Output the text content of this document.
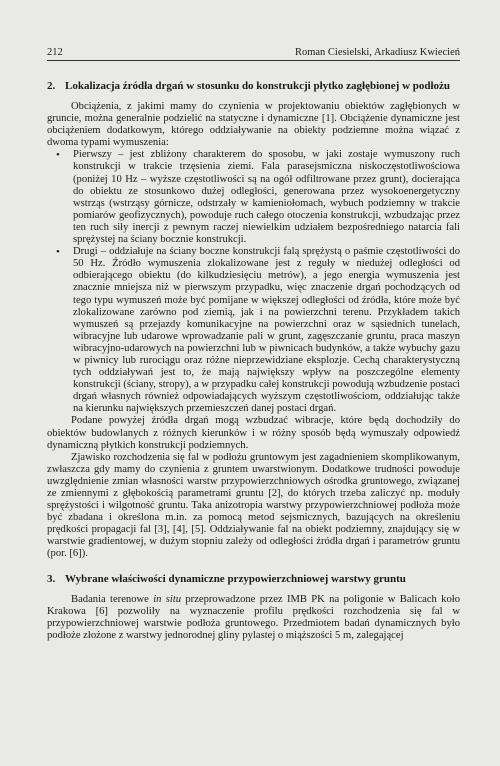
212	Roman Ciesielski, Arkadiusz Kwiecień
2. Lokalizacja źródła drgań w stosunku do konstrukcji płytko zagłębionej w podłożu

Obciążenia, z jakimi mamy do czynienia w projektowaniu obiektów zagłębionych w gruncie, można generalnie podzielić na statyczne i dynamiczne [1]. Obciążenie dynamiczne jest obciążeniem dodatkowym, którego oddziaływanie na obiekty podziemne można wiązać z dwoma typami wymuszenia:

• Pierwszy – jest zbliżony charakterem do sposobu, w jaki zostaje wymuszony ruch konstrukcji w trakcie trzęsienia ziemi. Fala parasejsmiczna niskoczęstotliwościowa (poniżej 10 Hz – wyższe częstotliwości są na ogół odfiltrowane przez grunt), docierająca do obiektu ze stosunkowo dużej odległości, generowana przez wysokoenergetyczny wstrząs (wstrząsy górnicze, odstrzały w kamieniołomach, wybuch podziemny w trakcie pomiarów geofizycznych), powoduje ruch całego otoczenia konstrukcji, wzbudzając przez ten ruch siły inercji z pewnym raczej niewielkim udziałem bezpośredniego natarcia fali sprężystej na ściany bocznie konstrukcji.
• Drugi – oddziałuje na ściany boczne konstrukcji falą sprężystą o paśmie częstotliwości do 50 Hz. Źródło wymuszenia zlokalizowane jest z reguły w niedużej odległości od odbierającego obiektu (do kilkudziesięciu metrów), a jego energia wymuszenia jest znacznie mniejsza niż w pierwszym przypadku, więc znaczenie drgań pochodzących od tego typu wymuszeń może być pomijane w większej odległości od źródła, które może być zlokalizowane zarówno pod ziemią, jak i na powierzchni terenu. Przykładem takich wymuszeń są przejazdy komunikacyjne na powierzchni oraz w sąsiednich tunelach, wibracyjne lub udarowe wprowadzanie pali w grunt, zagęszczanie gruntu, praca maszyn wibracyjno-udarowych na powierzchni lub w piwnicach budynków, a także wybuchy gazu w piwnicy lub rurociągu oraz różne nieprzewidziane eksplozje. Cechą charakterystyczną tych oddziaływań jest to, że mają największy wpływ na poszczególne elementy konstrukcji (ściany, stropy), a w przypadku całej konstrukcji powodują wzbudzenie postaci drgań własnych również odpowiadających wyższym częstotliwościom, oddziałując także na kierunku największych przemieszczeń danej postaci drgań.

Podane powyżej źródła drgań mogą wzbudzać wibracje, które będą dochodziły do obiektów budowlanych z różnych kierunków i w różny sposób będą wymuszały odpowiedź dynamiczną płytkich konstrukcji podziemnych.

Zjawisko rozchodzenia się fal w podłożu gruntowym jest zagadnieniem skomplikowanym, zwłaszcza gdy mamy do czynienia z gruntem uwarstwionym. Dodatkowe trudności powoduje uwzględnienie zmian własności warstw przypowierzchniowych ośrodka gruntowego, związanej ze zmiennymi z głębokością parametrami gruntu [2], do których trzeba zaliczyć np. moduły sprężystości i wilgotność gruntu. Taka anizotropia warstwy przypowierzchniowej podłoża może być zbadana i określona m.in. za pomocą metod sejsmicznych, bazujących na określeniu prędkości propagacji fal [3], [4], [5]. Oddziaływanie fal na obiekt podziemny, znajdujący się w warstwie gradientowej, w dużym stopniu zależy od odległości źródła drgań i parametrów gruntu (por. [6]).

3. Wybrane właściwości dynamiczne przypowierzchniowej warstwy gruntu

Badania terenowe in situ przeprowadzone przez IMB PK na poligonie w Balicach koło Krakowa [6] pozwoliły na wyznaczenie profilu prędkości rozchodzenia się fal w przypowierzchniowej warstwie podłoża gruntowego. Przedmiotem badań dynamicznych było podłoże złożone z warstwy jednorodnej gliny pylastej o miąższości 5 m, zalegającej
